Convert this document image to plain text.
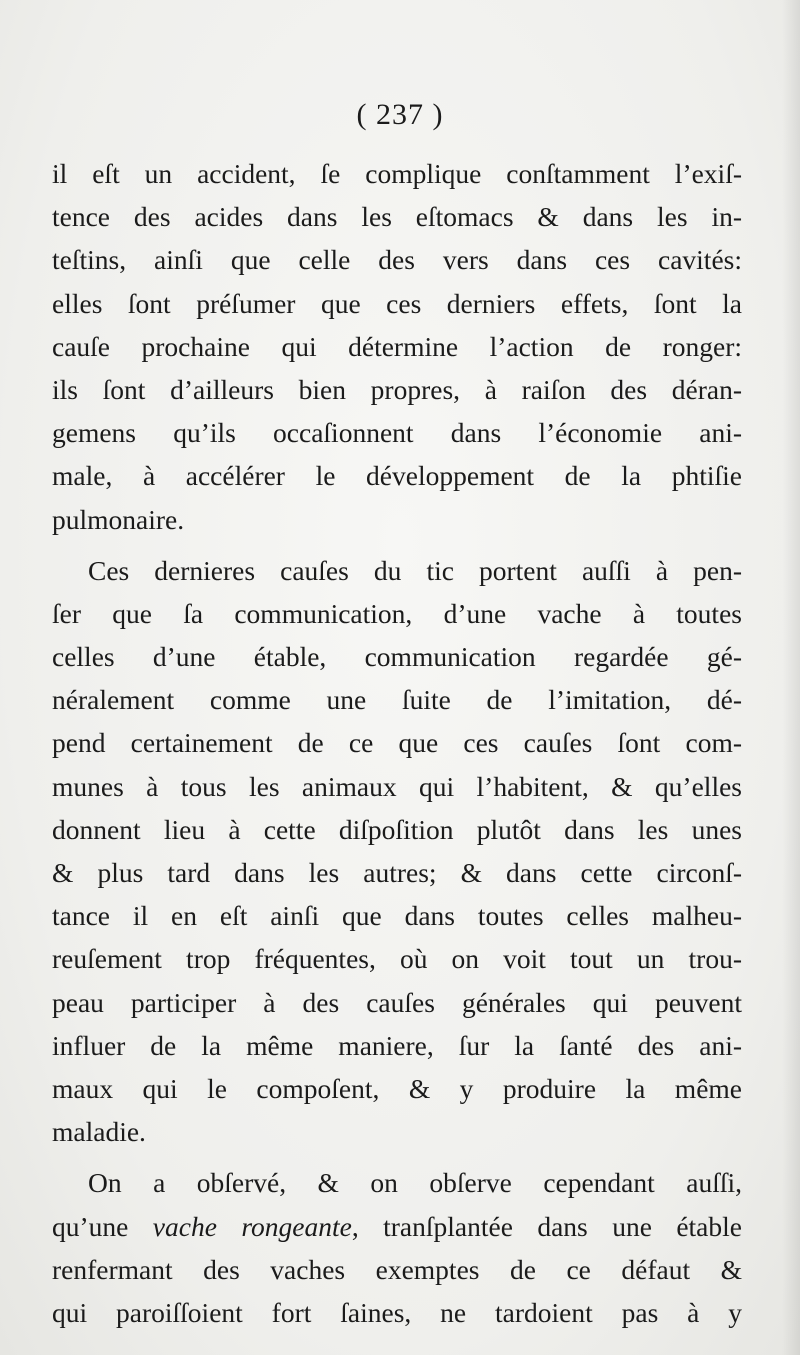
( 237 )
il eſt un accident, ſe complique conſtamment l’exiſ-
tence des acides dans les eſtomacs & dans les in-
teſtins, ainſi que celle des vers dans ces cavités:
elles ſont préſumer que ces derniers effets, ſont la
cauſe prochaine qui détermine l’action de ronger:
ils ſont d’ailleurs bien propres, à raiſon des déran-
gemens qu’ils occaſionnent dans l’économie ani-
male, à accélérer le développement de la phtiſie
pulmonaire.
Ces dernieres cauſes du tic portent auſſi à pen-
ſer que ſa communication, d’une vache à toutes
celles d’une étable, communication regardée gé-
néralement comme une ſuite de l’imitation, dé-
pend certainement de ce que ces cauſes ſont com-
munes à tous les animaux qui l’habitent, & qu’elles
donnent lieu à cette diſpoſition plutôt dans les unes
& plus tard dans les autres; & dans cette circonſ-
tance il en eſt ainſi que dans toutes celles malheu-
reuſement trop fréquentes, où on voit tout un trou-
peau participer à des cauſes générales qui peuvent
influer de la même maniere, ſur la ſanté des ani-
maux qui le compoſent, & y produire la même
maladie.
On a obſervé, & on obſerve cependant auſſi,
qu’une vache rongeante, tranſplantée dans une étable
renfermant des vaches exemptes de ce défaut &
qui paroiſſoient fort ſaines, ne tardoient pas à y
